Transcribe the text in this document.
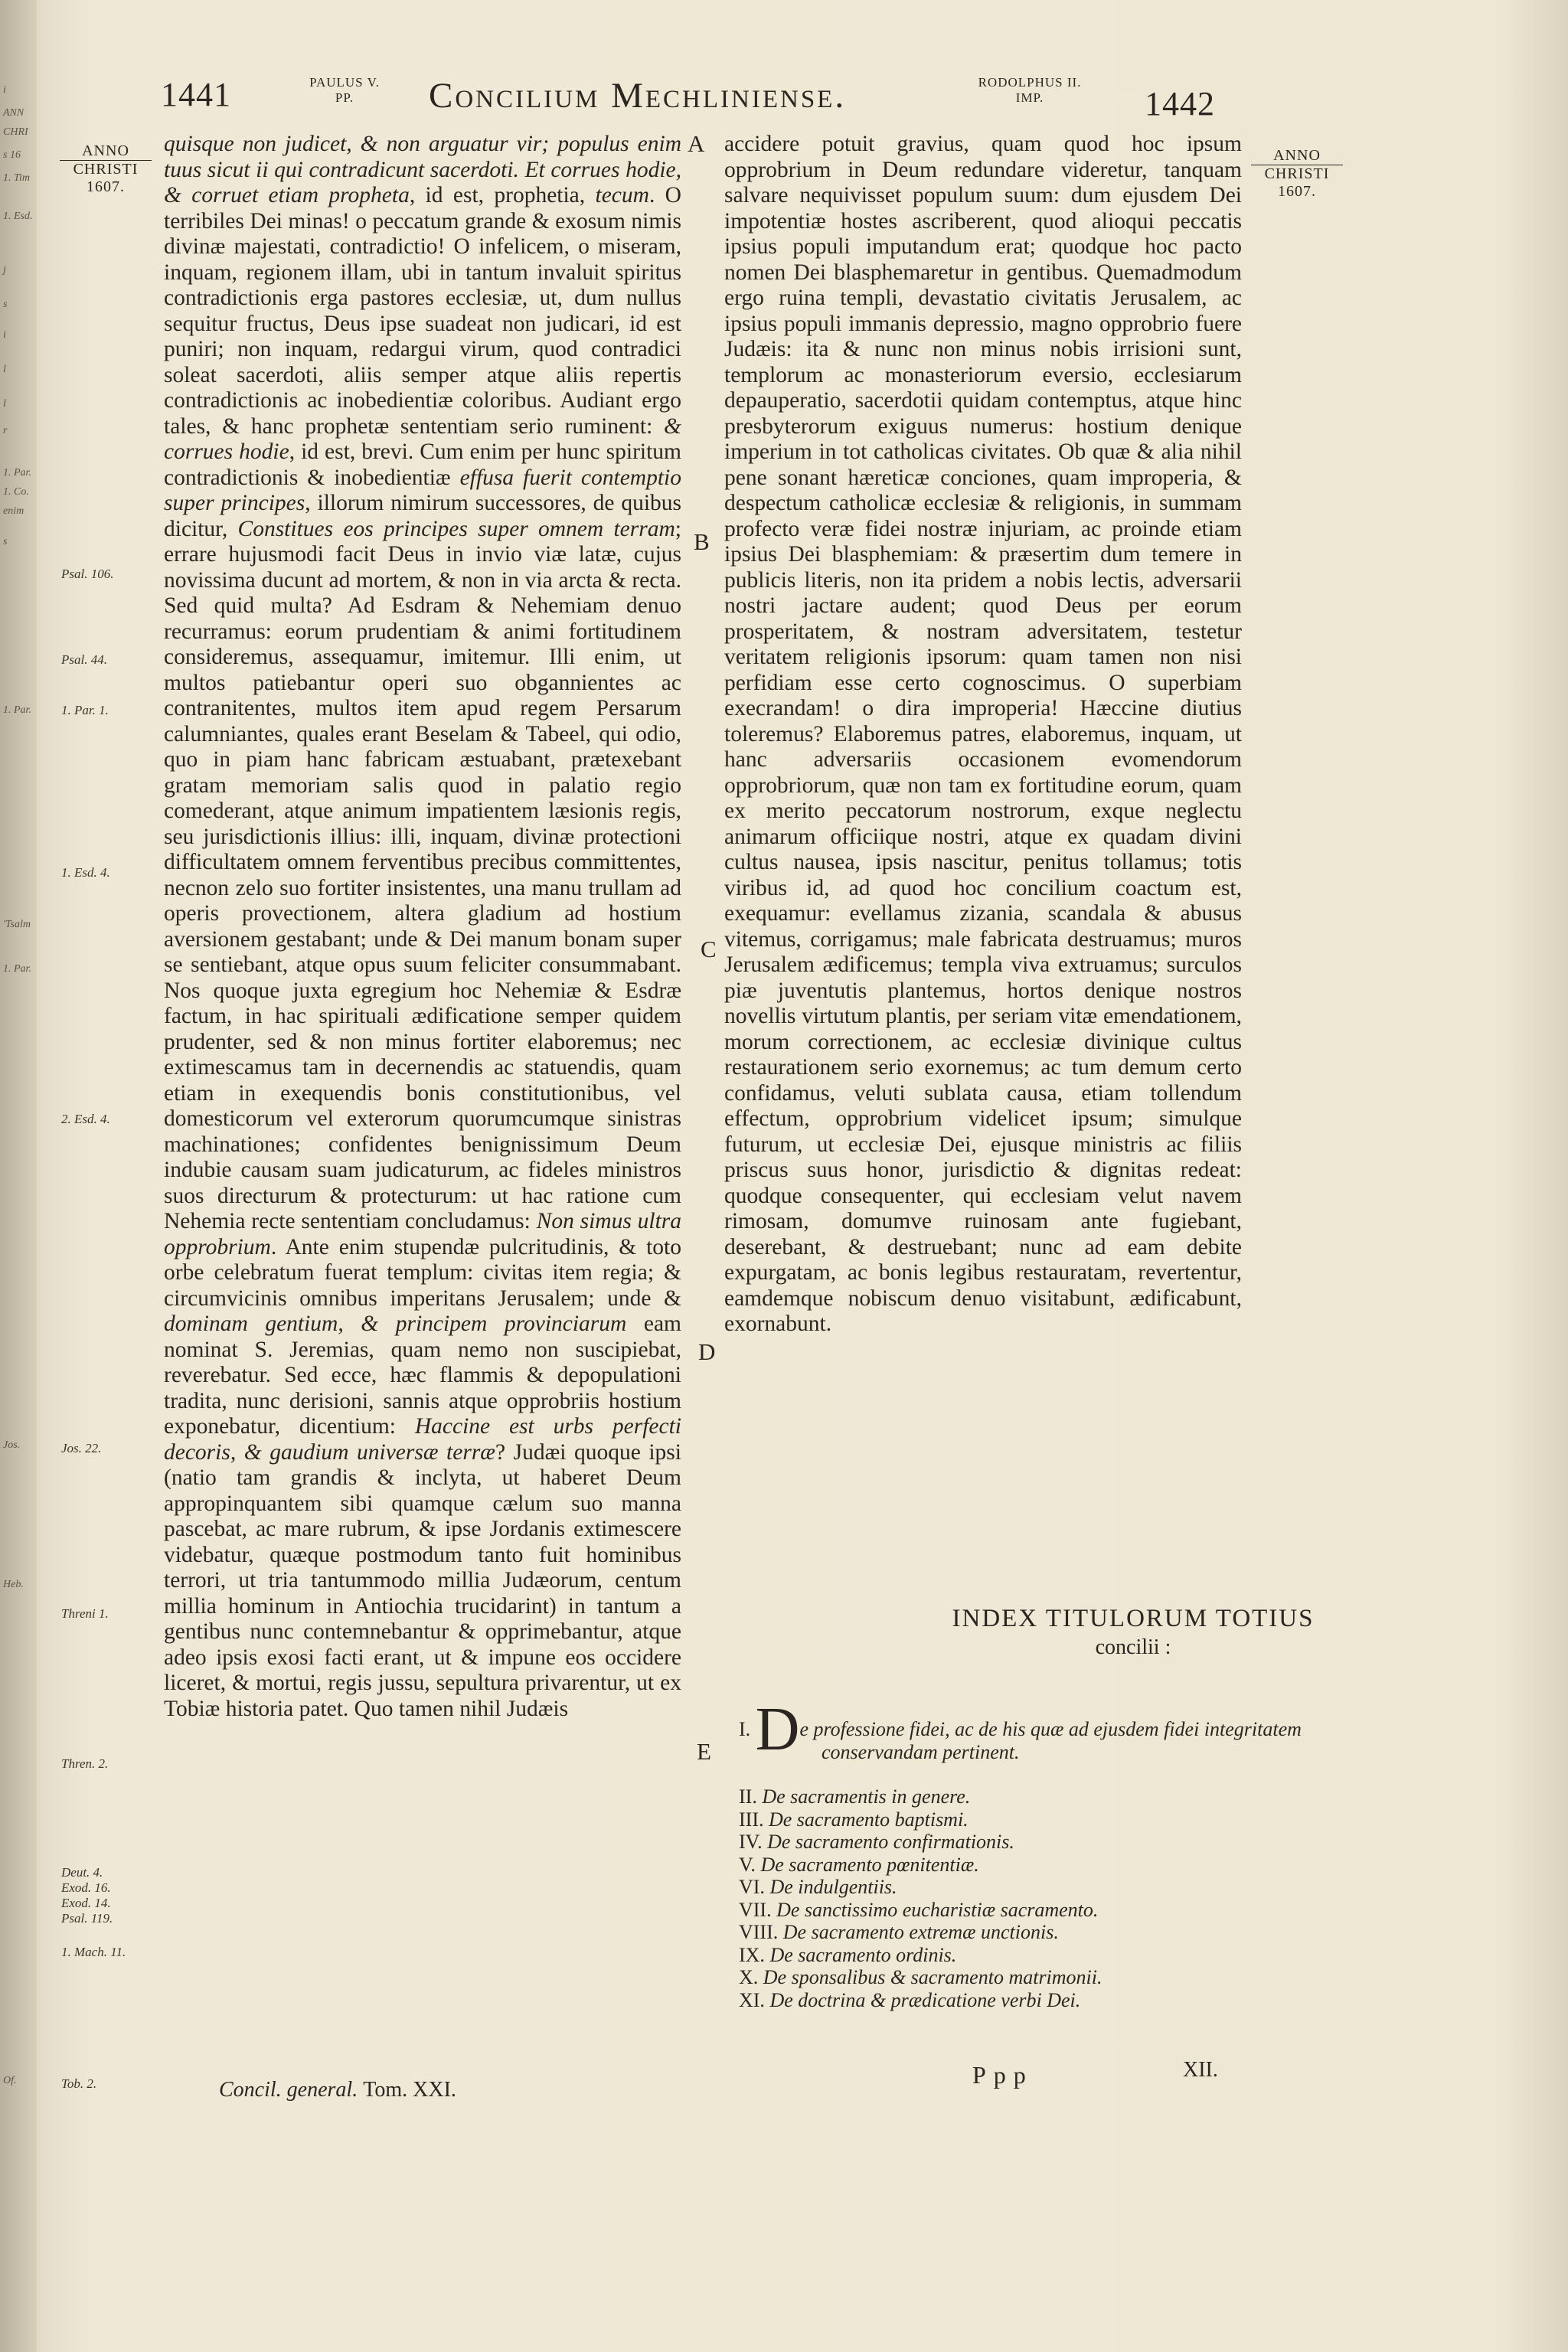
i
ANN
CHRI
s 16
1. Tim
1. Esd.
j
s
i
l
l
r
1. Par.
1. Co.
enim
s
1. Par.
'Tsalm
1. Par.
Jos.
Heb.
Of.
1441	PAULUS V.
PP.	Concilium Mechliniense.	RODOLPHUS II.
IMP.	1442
ANNO
CHRISTI
1607.
ANNO
CHRISTI
1607.
Psal. 106.
Psal. 44.
1. Par. 1.
1. Esd. 4.
2. Esd. 4.
Jos. 22.
Threni 1.
Thren. 2.
Deut. 4.
Exod. 16.
Exod. 14.
Psal. 119.
1. Mach. 11.
Tob. 2.
A
B
C
D
E

quisque non judicet, & non arguatur vir; populus enim tuus sicut ii qui contradicunt sacerdoti. Et corrues hodie, & corruet etiam propheta, id est, prophetia, tecum. O terribiles Dei minas! o peccatum grande & exosum nimis divinæ majestati, contradictio! O infelicem, o miseram, inquam, regionem illam, ubi in tantum invaluit spiritus contradictionis erga pastores ecclesiæ, ut, dum nullus sequitur fructus, Deus ipse suadeat non judicari, id est puniri; non inquam, redargui virum, quod contradici soleat sacerdoti, aliis semper atque aliis repertis contradictionis ac inobedientiæ coloribus. Audiant ergo tales, & hanc prophetæ sententiam serio ruminent: & corrues hodie, id est, brevi. Cum enim per hunc spiritum contradictionis & inobedientiæ effusa fuerit contemptio super principes, illorum nimirum successores, de quibus dicitur, Constitues eos principes super omnem terram; errare hujusmodi facit Deus in invio viæ latæ, cujus novissima ducunt ad mortem, & non in via arcta & recta. Sed quid multa? Ad Esdram & Nehemiam denuo recurramus: eorum prudentiam & animi fortitudinem consideremus, assequamur, imitemur. Illi enim, ut multos patiebantur operi suo obgannientes ac contranitentes, multos item apud regem Persarum calumniantes, quales erant Beselam & Tabeel, qui odio, quo in piam hanc fabricam æstuabant, prætexebant gratam memoriam salis quod in palatio regio comederant, atque animum impatientem læsionis regis, seu jurisdictionis illius: illi, inquam, divinæ protectioni difficultatem omnem ferventibus precibus committentes, necnon zelo suo fortiter insistentes, una manu trullam ad operis provectionem, altera gladium ad hostium aversionem gestabant; unde & Dei manum bonam super se sentiebant, atque opus suum feliciter consummabant. Nos quoque juxta egregium hoc Nehemiæ & Esdræ factum, in hac spirituali ædificatione semper quidem prudenter, sed & non minus fortiter elaboremus; nec extimescamus tam in decernendis ac statuendis, quam etiam in exequendis bonis constitutionibus, vel domesticorum vel exterorum quorumcumque sinistras machinationes; confidentes benignissimum Deum indubie causam suam judicaturum, ac fideles ministros suos directurum & protecturum: ut hac ratione cum Nehemia recte sententiam concludamus: Non simus ultra opprobrium. Ante enim stupendæ pulcritudinis, & toto orbe celebratum fuerat templum: civitas item regia; & circumvicinis omnibus imperitans Jerusalem; unde & dominam gentium, & principem provinciarum eam nominat S. Jeremias, quam nemo non suscipiebat, reverebatur. Sed ecce, hæc flammis & depopulationi tradita, nunc derisioni, sannis atque opprobriis hostium exponebatur, dicentium: Haccine est urbs perfecti decoris, & gaudium universæ terræ? Judæi quoque ipsi (natio tam grandis & inclyta, ut haberet Deum appropinquantem sibi quamque cælum suo manna pascebat, ac mare rubrum, & ipse Jordanis extimescere videbatur, quæque postmodum tanto fuit hominibus terrori, ut tria tantummodo millia Judæorum, centum millia hominum in Antiochia trucidarint) in tantum a gentibus nunc contemnebantur & opprimebantur, atque adeo ipsis exosi facti erant, ut & impune eos occidere liceret, & mortui, regis jussu, sepultura privarentur, ut ex Tobiæ historia patet. Quo tamen nihil Judæis

accidere potuit gravius, quam quod hoc ipsum opprobrium in Deum redundare videretur, tanquam salvare nequivisset populum suum: dum ejusdem Dei impotentiæ hostes ascriberent, quod alioqui peccatis ipsius populi imputandum erat; quodque hoc pacto nomen Dei blasphemaretur in gentibus. Quemadmodum ergo ruina templi, devastatio civitatis Jerusalem, ac ipsius populi immanis depressio, magno opprobrio fuere Judæis: ita & nunc non minus nobis irrisioni sunt, templorum ac monasteriorum eversio, ecclesiarum depauperatio, sacerdotii quidam contemptus, atque hinc presbyterorum exiguus numerus: hostium denique imperium in tot catholicas civitates. Ob quæ & alia nihil pene sonant hæreticæ conciones, quam improperia, & despectum catholicæ ecclesiæ & religionis, in summam profecto veræ fidei nostræ injuriam, ac proinde etiam ipsius Dei blasphemiam: & præsertim dum temere in publicis literis, non ita pridem a nobis lectis, adversarii nostri jactare audent; quod Deus per eorum prosperitatem, & nostram adversitatem, testetur veritatem religionis ipsorum: quam tamen non nisi perfidiam esse certo cognoscimus. O superbiam execrandam! o dira improperia! Hæccine diutius toleremus? Elaboremus patres, elaboremus, inquam, ut hanc adversariis occasionem evomendorum opprobriorum, quæ non tam ex fortitudine eorum, quam ex merito peccatorum nostrorum, exque neglectu animarum officiique nostri, atque ex quadam divini cultus nausea, ipsis nascitur, penitus tollamus; totis viribus id, ad quod hoc concilium coactum est, exequamur: evellamus zizania, scandala & abusus vitemus, corrigamus; male fabricata destruamus; muros Jerusalem ædificemus; templa viva extruamus; surculos piæ juventutis plantemus, hortos denique nostros novellis virtutum plantis, per seriam vitæ emendationem, morum correctionem, ac ecclesiæ divinique cultus restaurationem serio exornemus; ac tum demum certo confidamus, veluti sublata causa, etiam tollendum effectum, opprobrium videlicet ipsum; simulque futurum, ut ecclesiæ Dei, ejusque ministris ac filiis priscus suus honor, jurisdictio & dignitas redeat: quodque consequenter, qui ecclesiam velut navem rimosam, domumve ruinosam ante fugiebant, deserebant, & destruebant; nunc ad eam debite expurgatam, ac bonis legibus restauratam, revertentur, eamdemque nobiscum denuo visitabunt, ædificabunt, exornabunt.

INDEX TITULORUM TOTIUS
concilii :
I. De professione fidei, ac de his quæ ad ejusdem fidei integritatem conservandam pertinent.
II. De sacramentis in genere.
III. De sacramento baptismi.
IV. De sacramento confirmationis.
V. De sacramento pœnitentiæ.
VI. De indulgentiis.
VII. De sanctissimo eucharistiæ sacramento.
VIII. De sacramento extremæ unctionis.
IX. De sacramento ordinis.
X. De sponsalibus & sacramento matrimonii.
XI. De doctrina & prædicatione verbi Dei.
Concil. general. Tom. XXI.
Ppp	XII.
